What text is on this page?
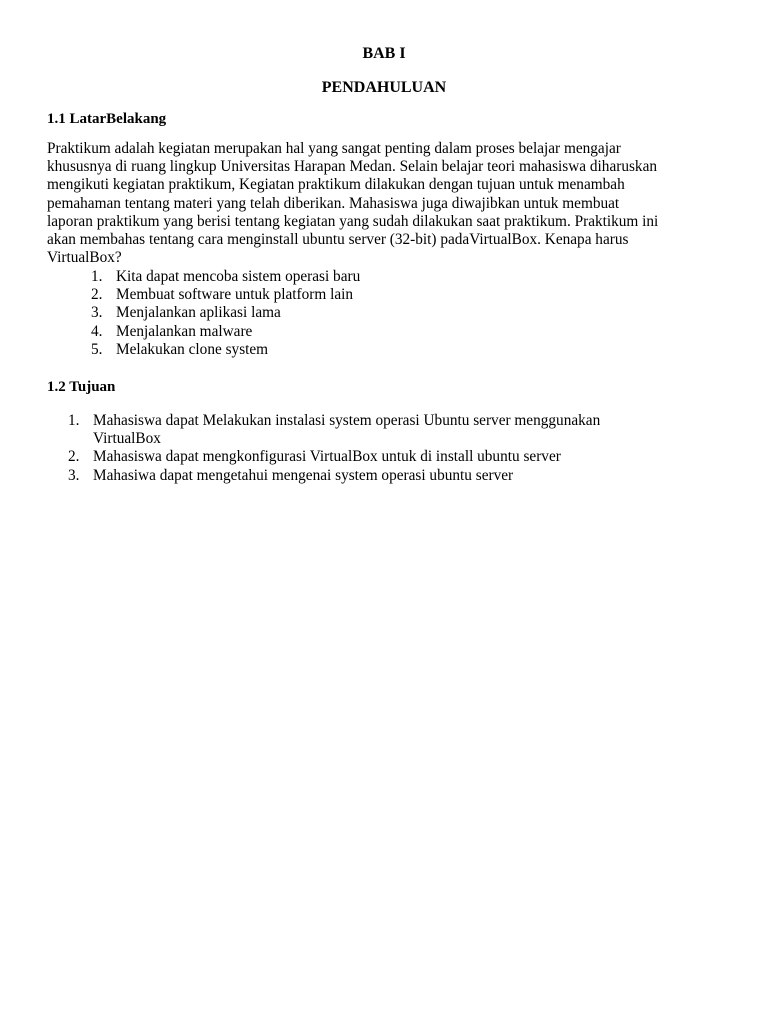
BAB I
PENDAHULUAN
1.1 LatarBelakang
Praktikum adalah kegiatan merupakan hal yang sangat penting dalam proses belajar mengajar
khususnya di ruang lingkup Universitas Harapan Medan. Selain belajar teori mahasiswa diharuskan
mengikuti kegiatan praktikum, Kegiatan praktikum dilakukan dengan tujuan untuk menambah
pemahaman tentang materi yang telah diberikan. Mahasiswa juga diwajibkan untuk membuat
laporan praktikum yang berisi tentang kegiatan yang sudah dilakukan saat praktikum. Praktikum ini
akan membahas tentang cara menginstall ubuntu server (32-bit) padaVirtualBox. Kenapa harus
VirtualBox?
1. Kita dapat mencoba sistem operasi baru
2. Membuat software untuk platform lain
3. Menjalankan aplikasi lama
4. Menjalankan malware
5. Melakukan clone system
1.2 Tujuan
1. Mahasiswa dapat Melakukan instalasi system operasi Ubuntu server menggunakan
VirtualBox
2. Mahasiswa dapat mengkonfigurasi VirtualBox untuk di install ubuntu server
3. Mahasiwa dapat mengetahui mengenai system operasi ubuntu server
